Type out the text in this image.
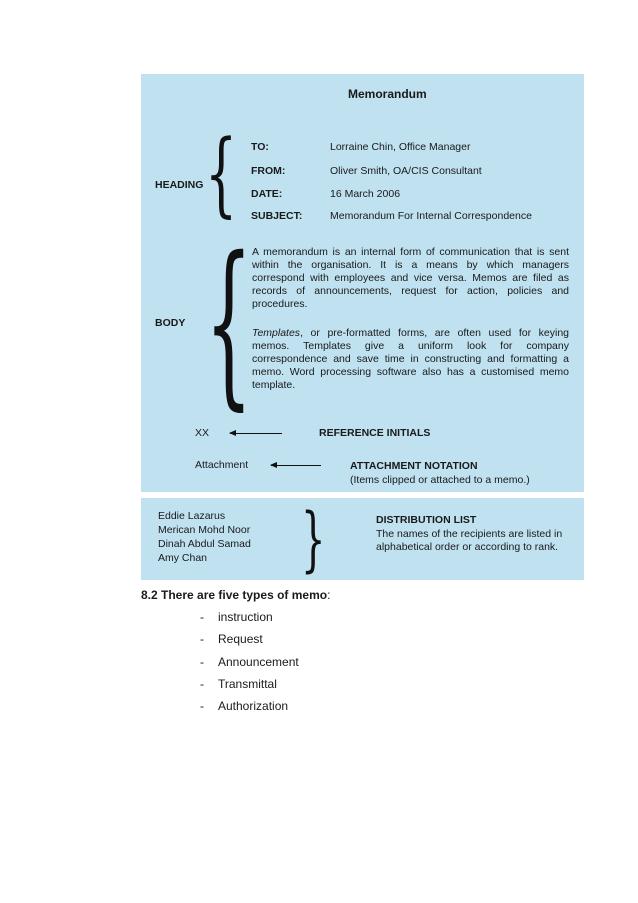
Memorandum
HEADING { TO:	Lorraine Chin, Office Manager
FROM:	Oliver Smith, OA/CIS Consultant
DATE:	16 March 2006
SUBJECT:	Memorandum For Internal Correspondence
BODY { A memorandum is an internal form of communication that is sent within the organisation. It is a means by which managers correspond with employees and vice versa. Memos are filed as records of announcements, request for action, policies and procedures.
Templates, or pre-formatted forms, are often used for keying memos. Templates give a uniform look for company correspondence and save time in constructing and formatting a memo. Word processing software also has a customised memo template.
XX	REFERENCE INITIALS
Attachment	ATTACHMENT NOTATION
(Items clipped or attached to a memo.)
Eddie Lazarus
Merican Mohd Noor
Dinah Abdul Samad
Amy Chan {	DISTRIBUTION LIST
The names of the recipients are listed in alphabetical order or according to rank.
8.2 There are five types of memo:
- instruction
- Request
- Announcement
- Transmittal
- Authorization
